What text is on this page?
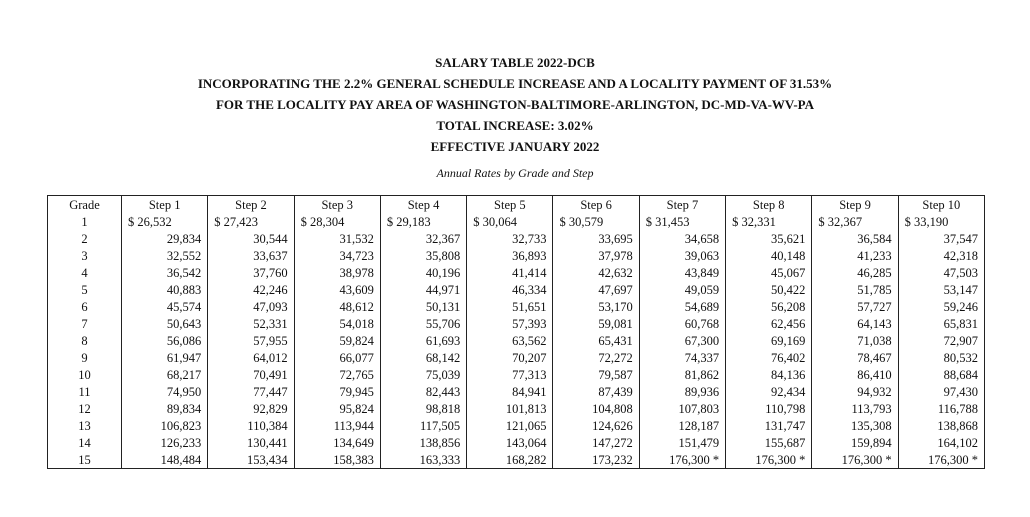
SALARY TABLE 2022-DCB
INCORPORATING THE 2.2% GENERAL SCHEDULE INCREASE AND A LOCALITY PAYMENT OF 31.53%
FOR THE LOCALITY PAY AREA OF WASHINGTON-BALTIMORE-ARLINGTON, DC-MD-VA-WV-PA
TOTAL INCREASE: 3.02%
EFFECTIVE JANUARY 2022
Annual Rates by Grade and Step
Grade	Step 1	Step 2	Step 3	Step 4	Step 5	Step 6	Step 7	Step 8	Step 9	Step 10
1	$ 26,532	$ 27,423	$ 28,304	$ 29,183	$ 30,064	$ 30,579	$ 31,453	$ 32,331	$ 32,367	$ 33,190
2	29,834	30,544	31,532	32,367	32,733	33,695	34,658	35,621	36,584	37,547
3	32,552	33,637	34,723	35,808	36,893	37,978	39,063	40,148	41,233	42,318
4	36,542	37,760	38,978	40,196	41,414	42,632	43,849	45,067	46,285	47,503
5	40,883	42,246	43,609	44,971	46,334	47,697	49,059	50,422	51,785	53,147
6	45,574	47,093	48,612	50,131	51,651	53,170	54,689	56,208	57,727	59,246
7	50,643	52,331	54,018	55,706	57,393	59,081	60,768	62,456	64,143	65,831
8	56,086	57,955	59,824	61,693	63,562	65,431	67,300	69,169	71,038	72,907
9	61,947	64,012	66,077	68,142	70,207	72,272	74,337	76,402	78,467	80,532
10	68,217	70,491	72,765	75,039	77,313	79,587	81,862	84,136	86,410	88,684
11	74,950	77,447	79,945	82,443	84,941	87,439	89,936	92,434	94,932	97,430
12	89,834	92,829	95,824	98,818	101,813	104,808	107,803	110,798	113,793	116,788
13	106,823	110,384	113,944	117,505	121,065	124,626	128,187	131,747	135,308	138,868
14	126,233	130,441	134,649	138,856	143,064	147,272	151,479	155,687	159,894	164,102
15	148,484	153,434	158,383	163,333	168,282	173,232	176,300 *	176,300 *	176,300 *	176,300 *
